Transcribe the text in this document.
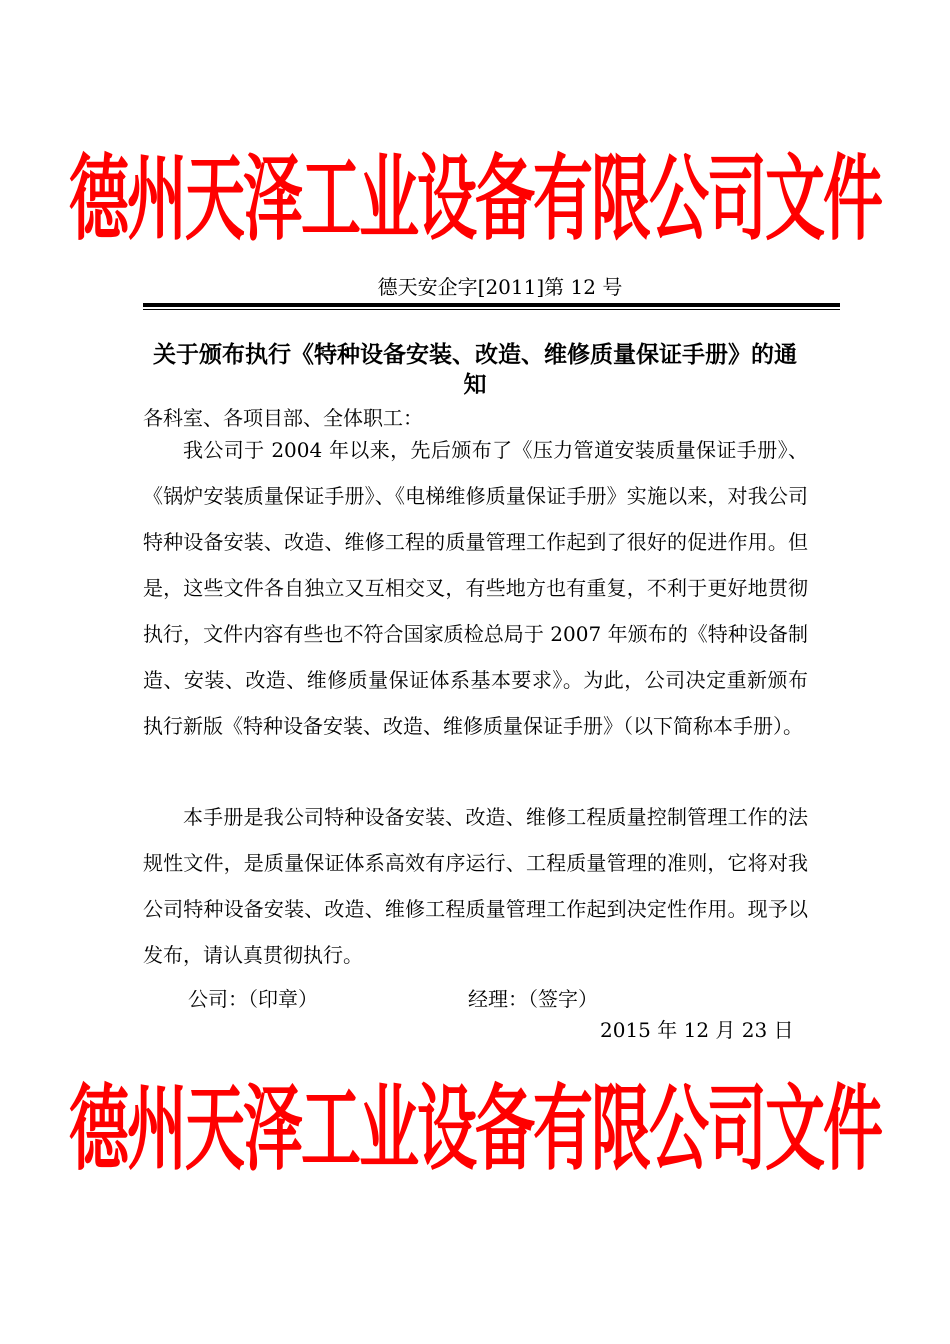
德州天泽工业设备有限公司文件
德天安企字[2011]第 12 号
关于颁布执行《特种设备安装、改造、维修质量保证手册》的通知
各科室、各项目部、全体职工：

我公司于 2004 年以来，先后颁布了《压力管道安装质量保证手册》、《锅炉安装质量保证手册》、《电梯维修质量保证手册》实施以来，对我公司特种设备安装、改造、维修工程的质量管理工作起到了很好的促进作用。但是，这些文件各自独立又互相交叉，有些地方也有重复，不利于更好地贯彻执行，文件内容有些也不符合国家质检总局于 2007 年颁布的《特种设备制造、安装、改造、维修质量保证体系基本要求》。为此，公司决定重新颁布执行新版《特种设备安装、改造、维修质量保证手册》（以下简称本手册）。

本手册是我公司特种设备安装、改造、维修工程质量控制管理工作的法规性文件，是质量保证体系高效有序运行、工程质量管理的准则，它将对我公司特种设备安装、改造、维修工程质量管理工作起到决定性作用。现予以发布，请认真贯彻执行。

公司：（印章）	经理：（签字）
2015 年 12 月 23 日
德州天泽工业设备有限公司文件
